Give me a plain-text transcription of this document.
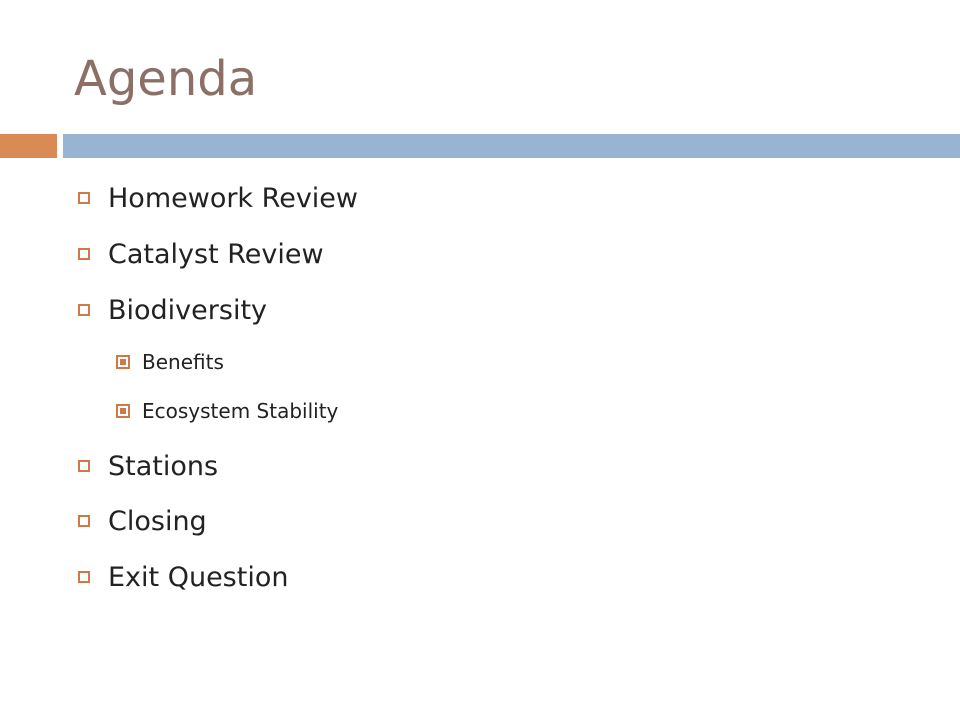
Agenda
Homework Review
Catalyst Review
Biodiversity
Benefits
Ecosystem Stability
Stations
Closing
Exit Question
